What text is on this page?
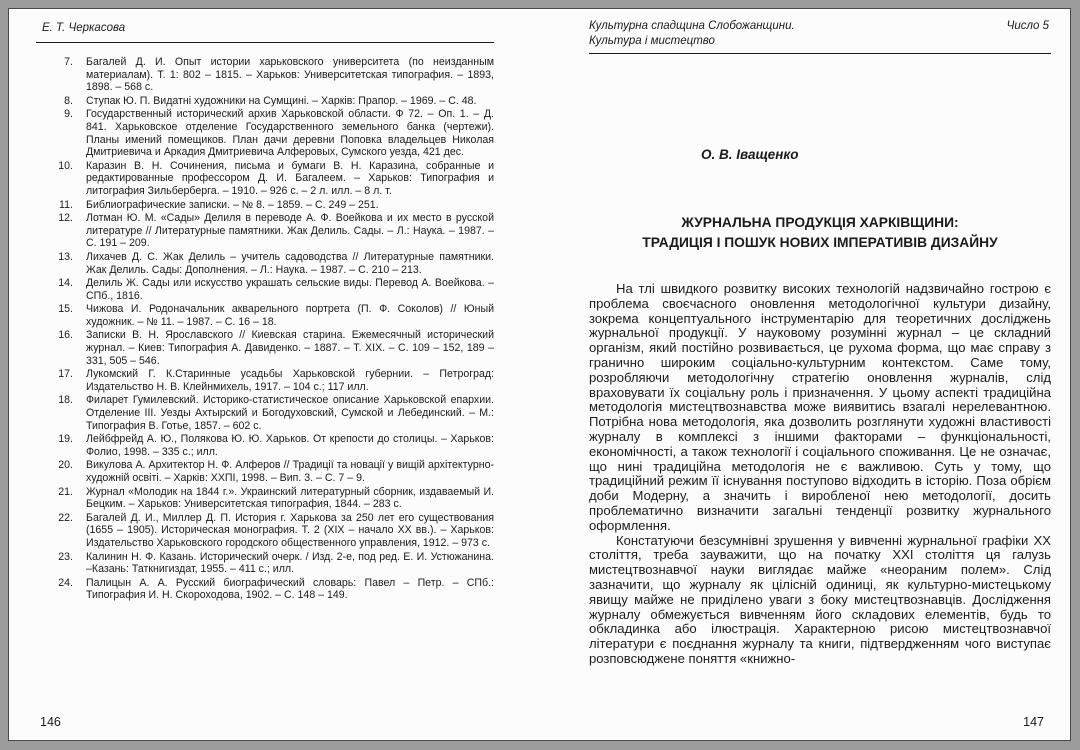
Е. Т. Черкасова
7. Багалей Д. И. Опыт истории харьковского университета (по неизданным материалам). Т. 1: 802 – 1815. – Харьков: Университетская типография. – 1893, 1898. – 568 с.
8. Ступак Ю. П. Видатні художники на Сумщині. – Харків: Прапор. – 1969. – С. 48.
9. Государственный исторический архив Харьковской области. Ф 72. – Оп. 1. – Д. 841. Харьковское отделение Государственного земельного банка (чертежи). Планы имений помещиков. План дачи деревни Поповка владельцев Николая Дмитриевича и Аркадия Дмитриевича Алферовых, Сумского уезда, 421 дес.
10. Каразин В. Н. Сочинения, письма и бумаги В. Н. Каразина, собранные и редактированные профессором Д. И. Багалеем. – Харьков: Типография и литография Зильберберга. – 1910. – 926 с. – 2 л. илл. – 8 л. т.
11. Библиографические записки. – № 8. – 1859. – С. 249 – 251.
12. Лотман Ю. М. «Сады» Делиля в переводе А. Ф. Воейкова и их место в русской литературе // Литературные памятники. Жак Делиль. Сады. – Л.: Наука. – 1987. – С. 191 – 209.
13. Лихачев Д. С. Жак Делиль – учитель садоводства // Литературные памятники. Жак Делиль. Сады: Дополнения. – Л.: Наука. – 1987. – С. 210 – 213.
14. Делиль Ж. Сады или искусство украшать сельские виды. Перевод А. Воейкова. – СПб., 1816.
15. Чижова И. Родоначальник акварельного портрета (П. Ф. Соколов) // Юный художник. – № 11. – 1987. – С. 16 – 18.
16. Записки В. Н. Ярославского // Киевская старина. Ежемесячный исторический журнал. – Киев: Типография А. Давиденко. – 1887. – Т. XIX. – С. 109 – 152, 189 – 331, 505 – 546.
17. Лукомский Г. К.Старинные усадьбы Харьковской губернии. – Петроград: Издательство Н. В. Клейнмихель, 1917. – 104 с.; 117 илл.
18. Филарет Гумилевский. Историко-статистическое описание Харьковской епархии. Отделение III. Уезды Ахтырский и Богодуховский, Сумской и Лебединский. – М.: Типография В. Готье, 1857. – 602 с.
19. Лейбфрейд А. Ю., Полякова Ю. Ю. Харьков. От крепости до столицы. – Харьков: Фолио, 1998. – 335 с.; илл.
20. Викулова А. Архитектор Н. Ф. Алферов // Традиції та новації у вищій архітектурно-художній освіті. – Харків: ХХПІ, 1998. – Вип. 3. – С. 7 – 9.
21. Журнал «Молодик на 1844 г.». Украинский литературный сборник, издаваемый И. Бецким. – Харьков: Университетская типография, 1844. – 283 с.
22. Багалей Д. И., Миллер Д. П. История г. Харькова за 250 лет его существования (1655 – 1905). Историческая монография. Т. 2 (XIX – начало XX вв.). – Харьков: Издательство Харьковского городского общественного управления, 1912. – 973 с.
23. Калинин Н. Ф. Казань. Исторический очерк. / Изд. 2-е, под ред. Е. И. Устюжанина. –Казань: Таткнигиздат, 1955. – 411 с.; илл.
24. Палицын А. А. Русский биографический словарь: Павел – Петр. – СПб.: Типография И. Н. Скороходова, 1902. – С. 148 – 149.
146
Культурна спадщина Слобожанщини.
Культура і мистецтво
Число 5
О. В. Іващенко
ЖУРНАЛЬНА ПРОДУКЦІЯ ХАРКІВЩИНИ:
ТРАДИЦІЯ І ПОШУК НОВИХ ІМПЕРАТИВІВ ДИЗАЙНУ

На тлі швидкого розвитку високих технологій надзвичайно гострою є проблема своєчасного оновлення методологічної культури дизайну, зокрема концептуального інструментарію для теоретичних досліджень журнальної продукції. У науковому розумінні журнал – це складний організм, який постійно розвивається, це рухома форма, що має справу з гранично широким соціально-культурним контекстом. Саме тому, розробляючи методологічну стратегію оновлення журналів, слід враховувати їх соціальну роль і призначення. У цьому аспекті традиційна методологія мистецтвознавства може виявитись взагалі нерелевантною. Потрібна нова методологія, яка дозволить розглянути художні властивості журналу в комплексі з іншими факторами – функціональності, економічності, а також технології і соціального споживання. Це не означає, що нині традиційна методологія не є важливою. Суть у тому, що традиційний режим її існування поступово відходить в історію. Поза обрієм доби Модерну, а значить і виробленої нею методології, досить проблематично визначити загальні тенденції розвитку журнального оформлення.

Констатуючи безсумнівні зрушення у вивченні журнальної графіки XX століття, треба зауважити, що на початку XXI століття ця галузь мистецтвознавчої науки виглядає майже «неораним полем». Слід зазначити, що журналу як цілісній одиниці, як культурно-мистецькому явищу майже не приділено уваги з боку мистецтвознавців. Дослідження журналу обмежується вивченням його складових елементів, будь то обкладинка або ілюстрація. Характерною рисою мистецтвознавчої літератури є поєднання журналу та книги, підтвердженням чого виступає розповсюджене поняття «книжно-

147
